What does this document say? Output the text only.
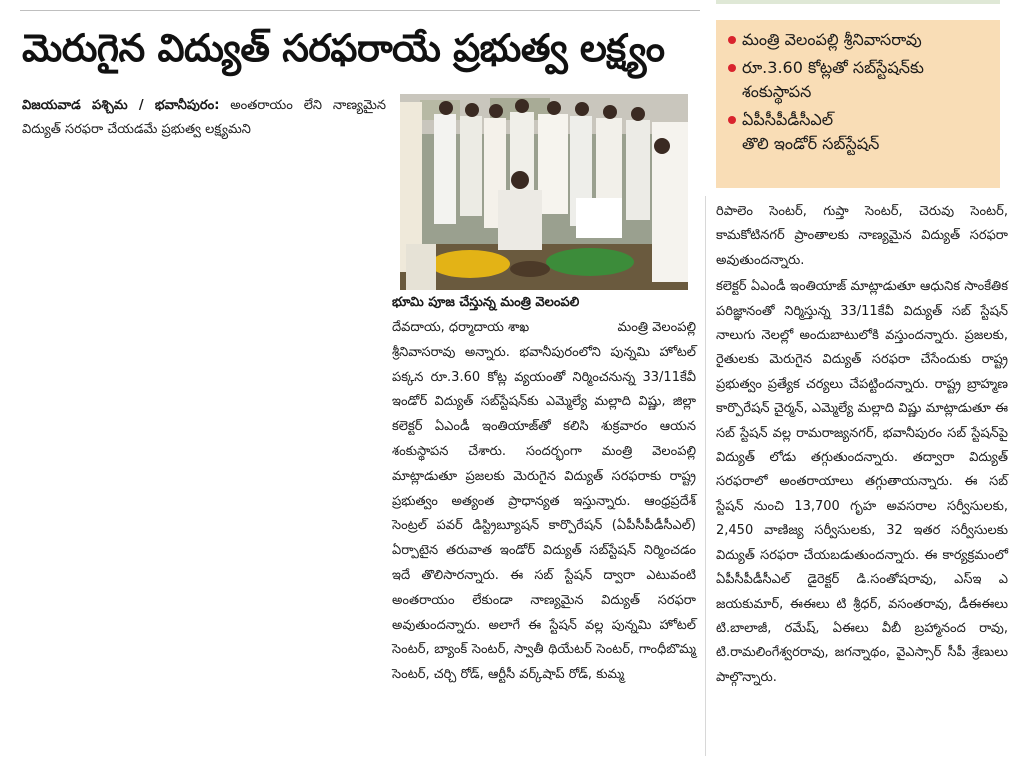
మెరుగైన విద్యుత్ సరఫరాయే ప్రభుత్వ లక్ష్యం	మంత్రి వెలంపల్లి శ్రీనివాసరావు
రూ.3.60 కోట్లతో సబ్‌స్టేషన్‌కు
శంకుస్థాపన
ఏపీసీపీడీసీఎల్
తొలి ఇండోర్ సబ్‌స్టేషన్
విజయవాడ పశ్చిమ / భవానీపురం: అంతరాయం లేని నాణ్యమైన విద్యుత్ సరఫరా చేయడమే ప్రభుత్వ లక్ష్యమని
భూమి పూజ చేస్తున్న మంత్రి వెలంపలి
దేవదాయ, ధర్మాదాయ శాఖ	మంత్రి వెలంపల్లి

శ్రీనివాసరావు అన్నారు. భవానీపురంలోని పున్నమి హోటల్ పక్కన రూ.3.60 కోట్ల వ్యయంతో నిర్మించనున్న 33/11కేవీ ఇండోర్ విద్యుత్ సబ్‌స్టేషన్‌కు ఎమ్మెల్యే మల్లాది విష్ణు, జిల్లా కలెక్టర్ ఏఎండీ ఇంతియాజ్‌తో కలిసి శుక్రవారం ఆయన శంకుస్థాపన చేశారు. సందర్భంగా మంత్రి వెలంపల్లి మాట్లాడుతూ ప్రజలకు మెరుగైన విద్యుత్ సరఫరాకు రాష్ట్ర ప్రభుత్వం అత్యంత ప్రాధాన్యత ఇస్తున్నారు. ఆంధ్రప్రదేశ్ సెంట్రల్ పవర్ డిస్ట్రిబ్యూషన్ కార్పొరేషన్ (ఏపీసీపీడీసీఎల్) ఏర్పాటైన తరువాత ఇండోర్ విద్యుత్ సబ్‌స్టేషన్ నిర్మించడం ఇదే తొలిసారన్నారు. ఈ సబ్ స్టేషన్ ద్వారా ఎటువంటి అంతరాయం లేకుండా నాణ్యమైన విద్యుత్ సరఫరా అవుతుందన్నారు. అలాగే ఈ స్టేషన్ వల్ల పున్నమి హోటల్ సెంటర్, బ్యాంక్ సెంటర్, స్వాతీ థియేటర్ సెంటర్, గాంధీబొమ్మ సెంటర్, చర్చి రోడ్, ఆర్టీసీ వర్క్‌షాప్ రోడ్, కుమ్మ

రిపాలెం సెంటర్, గుప్తా సెంటర్, చెరువు సెంటర్, కామకోటినగర్ ప్రాంతాలకు నాణ్యమైన విద్యుత్ సరఫరా అవుతుందన్నారు.

కలెక్టర్ ఏఎండీ ఇంతియాజ్ మాట్లాడుతూ ఆధునిక సాంకేతిక పరిజ్ఞానంతో నిర్మిస్తున్న 33/11కేవీ విద్యుత్ సబ్ స్టేషన్ నాలుగు నెలల్లో అందుబాటులోకి వస్తుందన్నారు. ప్రజలకు, రైతులకు మెరుగైన విద్యుత్ సరఫరా చేసేందుకు రాష్ట్ర ప్రభుత్వం ప్రత్యేక చర్యలు చేపట్టిందన్నారు. రాష్ట్ర బ్రాహ్మణ కార్పొరేషన్ చైర్మన్, ఎమ్మెల్యే మల్లాది విష్ణు మాట్లాడుతూ ఈ సబ్ స్టేషన్ వల్ల రామరాజ్యనగర్, భవానీపురం సబ్ స్టేషన్‌పై విద్యుత్ లోడు తగ్గుతుందన్నారు. తద్వారా విద్యుత్ సరఫరాలో అంతరాయాలు తగ్గుతాయన్నారు. ఈ సబ్ స్టేషన్ నుంచి 13,700 గృహ అవసరాల సర్వీసులకు, 2,450 వాణిజ్య సర్వీసులకు, 32 ఇతర సర్వీసులకు విద్యుత్ సరఫరా చేయబడుతుందన్నారు. ఈ కార్యక్రమంలో ఏపీసీపీడీసీఎల్ డైరెక్టర్ డి.సంతోషరావు, ఎస్ఇ ఎ జయకుమార్, ఈఈలు టి శ్రీధర్, వసంతరావు, డీఈఈలు టి.బాలాజీ, రమేష్, ఏఈలు వీబీ బ్రహ్మానంద రావు, టి.రామలింగేశ్వరరావు, జగన్నాథం, వైఎస్సార్ సీపీ శ్రేణులు పాల్గొన్నారు.
